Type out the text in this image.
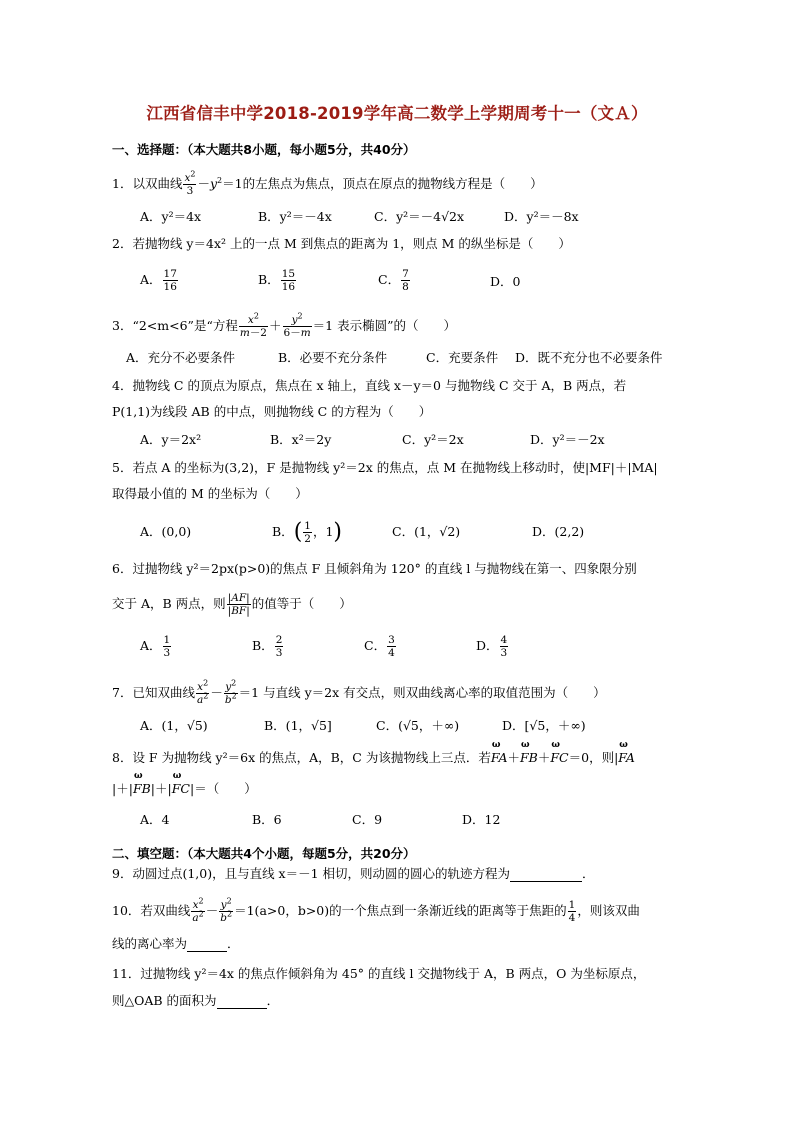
江西省信丰中学2018-2019学年高二数学上学期周考十一（文Ａ）
一、选择题：（本大题共8小题，每小题5分，共40分）
1．以双曲线 $\frac{x^2}{3} -y^2=1$的左焦点为焦点，顶点在原点的抛物线方程是（　　）
A．y²＝4x	B．y²＝－4x	C．y²＝－4√2x	D．y²＝－8x
2．若抛物线 y＝4x² 上的一点 M 到焦点的距离为 1，则点 M 的纵坐标是（　　）
A． $\frac{17}{16}$	B． $\frac{15}{16}$	C． $\frac{7}{8}$	D．0
3．“2<m<6”是“方程 $\frac{x^2}{m-2} + \frac{y^2}{6-m} =1$ 表示椭圆”的（　　）
A．充分不必要条件	B．必要不充分条件	C．充要条件 D．既不充分也不必要条件
4．抛物线 C 的顶点为原点，焦点在 x 轴上，直线 x－y＝0 与抛物线 C 交于 A，B 两点，若
P(1,1)为线段 AB 的中点，则抛物线 C 的方程为（　　）
A．y＝2x²	B．x²＝2y	C．y²＝2x	D．y²＝－2x
5．若点 A 的坐标为(3,2)，F 是抛物线 y²＝2x 的焦点，点 M 在抛物线上移动时，使|MF|＋|MA|
取得最小值的 M 的坐标为（　　）
A．(0,0)	B．( $\frac{1}{2}$ ，1)	C．(1，√2)	D．(2,2)
6．过抛物线 y²＝2px(p>0)的焦点 F 且倾斜角为 120° 的直线 l 与抛物线在第一、四象限分别
交于 A，B 两点，则 $\frac{|AF|}{|BF|}$ 的值等于（　　）
A． $\frac{1}{3}$	B． $\frac{2}{3}$	C． $\frac{3}{4}$	D． $\frac{4}{3}$
7．已知双曲线 $\frac{x^2}{a^2} - \frac{y^2}{b^2} =1$ 与直线 y＝2x 有交点，则双曲线离心率的取值范围为（　　）
A．(1，√5)	B．(1，√5]	C．(√5，＋∞)	D．[√5，＋∞)
8．设 F 为抛物线 y²＝6x 的焦点，A，B，C 为该抛物线上三点．若ω FA＋ω FB＋ω FC＝0，则|ω FA
|＋|ω FB|＋|ω FC|＝（　　）
A．4	B．6	C．9	D．12
二、填空题：（本大题共4个小题，每题5分，共20分）
9．动圆过点(1,0)，且与直线 x＝－1 相切，则动圆的圆心的轨迹方程为	．
10．若双曲线 $\frac{x^2}{a^2} - \frac{y^2}{b^2} =1(a>0$，b>0)的一个焦点到一条渐近线的距离等于焦距的 $\frac{1}{4}$ ，则该双曲
线的离心率为	．
11．过抛物线 y²＝4x 的焦点作倾斜角为 45° 的直线 l 交抛物线于 A，B 两点，O 为坐标原点，
则△OAB 的面积为	．
